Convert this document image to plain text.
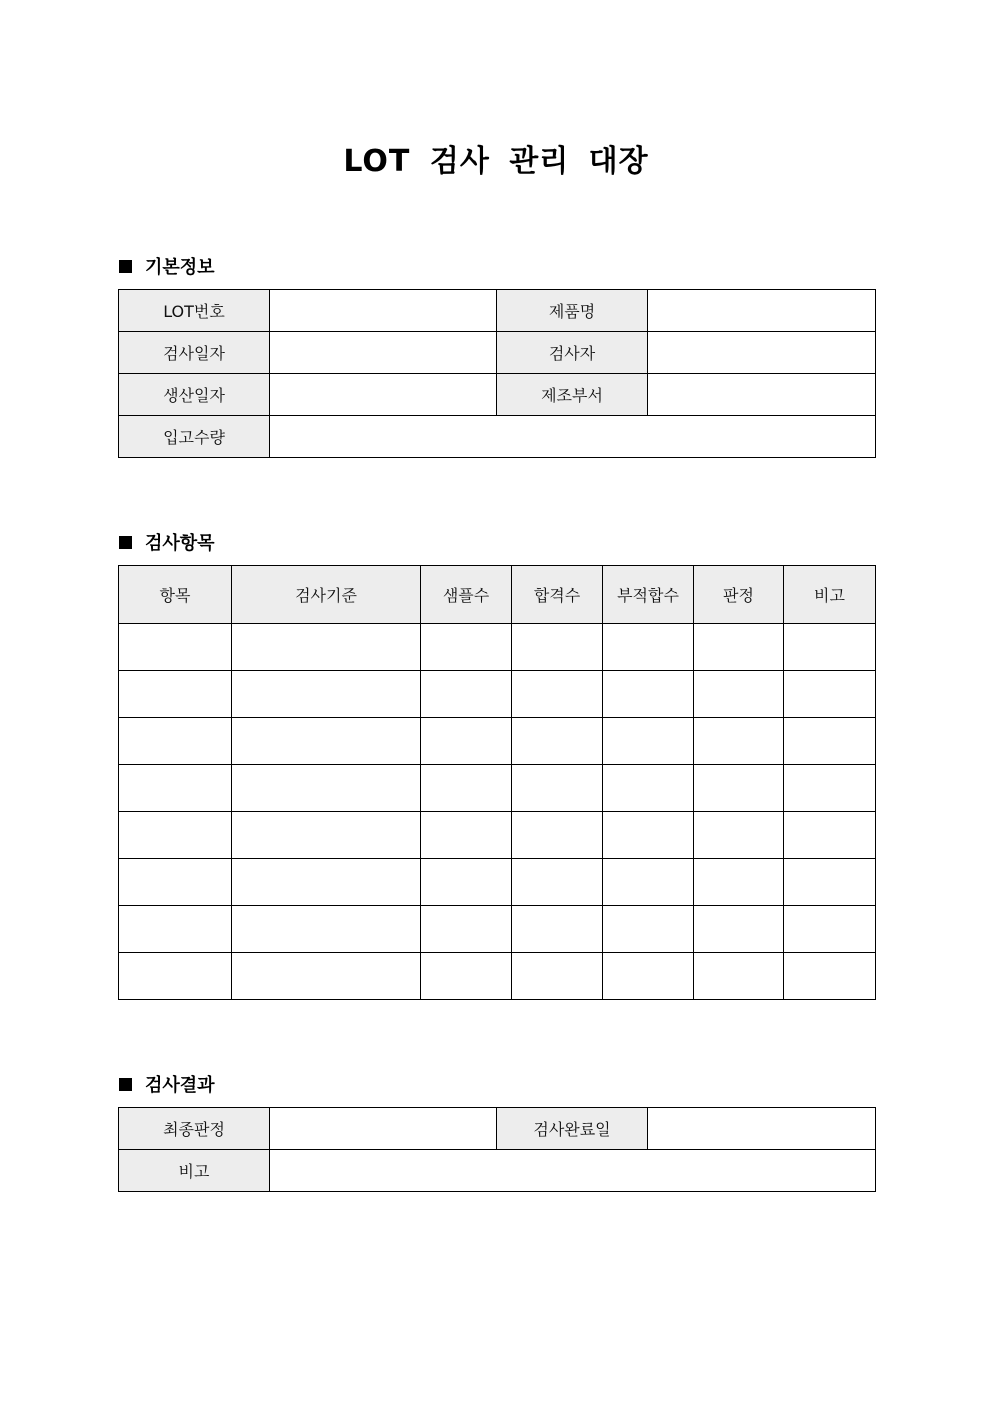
LOT 검사 관리 대장
기본정보
LOT번호		제품명	
검사일자		검사자	
생산일자		제조부서	
입고수량			
검사항목
항목	검사기준	샘플수	합격수	부적합수	판정	비고

검사결과
최종판정		검사완료일	
비고			
